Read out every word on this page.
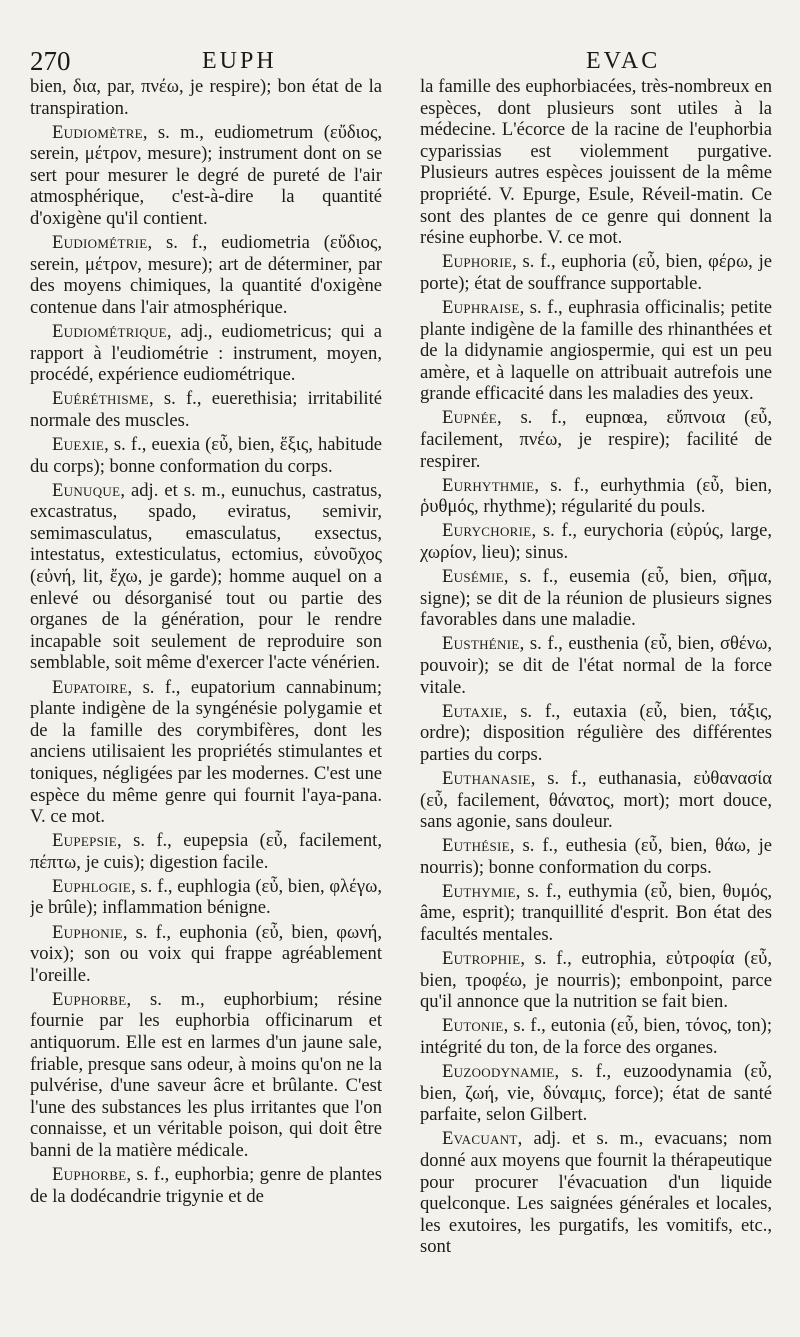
270	EUPH	EVAC

bien, δια, par, πνέω, je respire); bon état de la transpiration.

Eudiomètre, s. m., eudiometrum (εὔδιος, serein, μέτρον, mesure); instrument dont on se sert pour mesurer le degré de pureté de l'air atmosphérique, c'est-à-dire la quantité d'oxigène qu'il contient.

Eudiométrie, s. f., eudiometria (εὔδιος, serein, μέτρον, mesure); art de déterminer, par des moyens chimiques, la quantité d'oxigène contenue dans l'air atmosphérique.

Eudiométrique, adj., eudiometricus; qui a rapport à l'eudiométrie : instrument, moyen, procédé, expérience eudiométrique.

Euéréthisme, s. f., euerethisia; irritabilité normale des muscles.

Euexie, s. f., euexia (εὖ, bien, ἕξις, habitude du corps); bonne conformation du corps.

Eunuque, adj. et s. m., eunuchus, castratus, excastratus, spado, eviratus, semivir, semimasculatus, emasculatus, exsectus, intestatus, extesticulatus, ectomius, εὐνοῦχος (εὐνή, lit, ἔχω, je garde); homme auquel on a enlevé ou désorganisé tout ou partie des organes de la génération, pour le rendre incapable soit seulement de reproduire son semblable, soit même d'exercer l'acte vénérien.

Eupatoire, s. f., eupatorium cannabinum; plante indigène de la syngénésie polygamie et de la famille des corymbifères, dont les anciens utilisaient les propriétés stimulantes et toniques, négligées par les modernes. C'est une espèce du même genre qui fournit l'aya-pana. V. ce mot.

Eupepsie, s. f., eupepsia (εὖ, facilement, πέπτω, je cuis); digestion facile.

Euphlogie, s. f., euphlogia (εὖ, bien, φλέγω, je brûle); inflammation bénigne.

Euphonie, s. f., euphonia (εὖ, bien, φωνή, voix); son ou voix qui frappe agréablement l'oreille.

Euphorbe, s. m., euphorbium; résine fournie par les euphorbia officinarum et antiquorum. Elle est en larmes d'un jaune sale, friable, presque sans odeur, à moins qu'on ne la pulvérise, d'une saveur âcre et brûlante. C'est l'une des substances les plus irritantes que l'on connaisse, et un véritable poison, qui doit être banni de la matière médicale.

Euphorbe, s. f., euphorbia; genre de plantes de la dodécandrie trigynie et de

la famille des euphorbiacées, très-nombreux en espèces, dont plusieurs sont utiles à la médecine. L'écorce de la racine de l'euphorbia cyparissias est violemment purgative. Plusieurs autres espèces jouissent de la même propriété. V. Epurge, Esule, Réveil-matin. Ce sont des plantes de ce genre qui donnent la résine euphorbe. V. ce mot.

Euphorie, s. f., euphoria (εὖ, bien, φέρω, je porte); état de souffrance supportable.

Euphraise, s. f., euphrasia officinalis; petite plante indigène de la famille des rhinanthées et de la didynamie angiospermie, qui est un peu amère, et à laquelle on attribuait autrefois une grande efficacité dans les maladies des yeux.

Eupnée, s. f., eupnœa, εὔπνοια (εὖ, facilement, πνέω, je respire); facilité de respirer.

Eurhythmie, s. f., eurhythmia (εὖ, bien, ῥυθμός, rhythme); régularité du pouls.

Eurychorie, s. f., eurychoria (εὐρύς, large, χωρίον, lieu); sinus.

Eusémie, s. f., eusemia (εὖ, bien, σῆμα, signe); se dit de la réunion de plusieurs signes favorables dans une maladie.

Eusthénie, s. f., eusthenia (εὖ, bien, σθένω, pouvoir); se dit de l'état normal de la force vitale.

Eutaxie, s. f., eutaxia (εὖ, bien, τάξις, ordre); disposition régulière des différentes parties du corps.

Euthanasie, s. f., euthanasia, εὐθανασία (εὖ, facilement, θάνατος, mort); mort douce, sans agonie, sans douleur.

Euthésie, s. f., euthesia (εὖ, bien, θάω, je nourris); bonne conformation du corps.

Euthymie, s. f., euthymia (εὖ, bien, θυμός, âme, esprit); tranquillité d'esprit. Bon état des facultés mentales.

Eutrophie, s. f., eutrophia, εὐτροφία (εὖ, bien, τροφέω, je nourris); embonpoint, parce qu'il annonce que la nutrition se fait bien.

Eutonie, s. f., eutonia (εὖ, bien, τόνος, ton); intégrité du ton, de la force des organes.

Euzoodynamie, s. f., euzoodynamia (εὖ, bien, ζωή, vie, δύναμις, force); état de santé parfaite, selon Gilbert.

Evacuant, adj. et s. m., evacuans; nom donné aux moyens que fournit la thérapeutique pour procurer l'évacuation d'un liquide quelconque. Les saignées générales et locales, les exutoires, les purgatifs, les vomitifs, etc., sont
